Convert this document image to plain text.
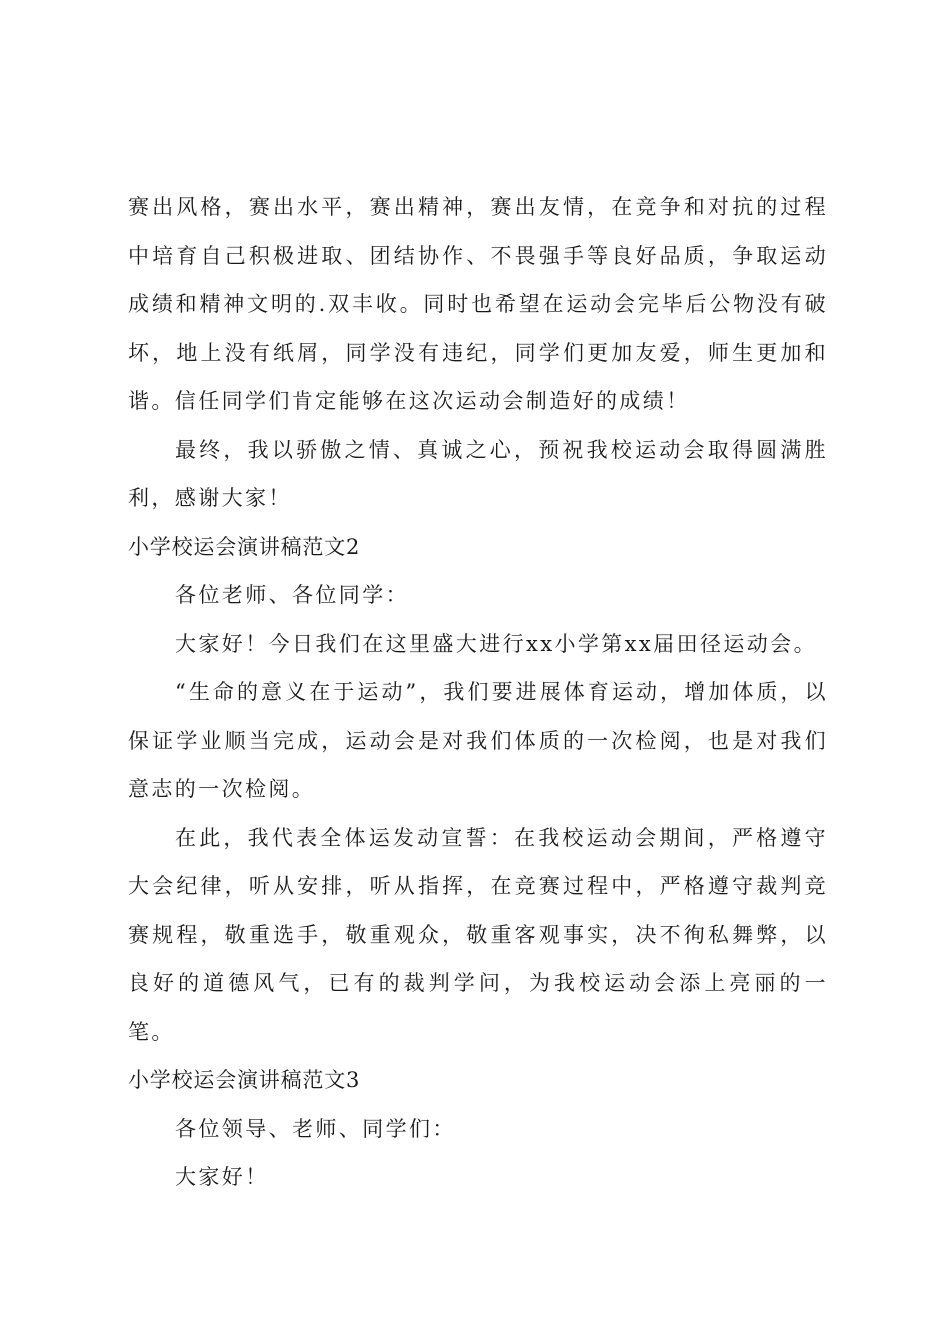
赛出风格，赛出水平，赛出精神，赛出友情，在竞争和对抗的过程中培育自己积极进取、团结协作、不畏强手等良好品质，争取运动成绩和精神文明的.双丰收。同时也希望在运动会完毕后公物没有破坏，地上没有纸屑，同学没有违纪，同学们更加友爱，师生更加和谐。信任同学们肯定能够在这次运动会制造好的成绩！

最终，我以骄傲之情、真诚之心，预祝我校运动会取得圆满胜利，感谢大家！

小学校运会演讲稿范文2

各位老师、各位同学：

大家好！今日我们在这里盛大进行xx小学第xx届田径运动会。

“生命的意义在于运动”，我们要进展体育运动，增加体质，以保证学业顺当完成，运动会是对我们体质的一次检阅，也是对我们意志的一次检阅。

在此，我代表全体运发动宣誓：在我校运动会期间，严格遵守大会纪律，听从安排，听从指挥，在竞赛过程中，严格遵守裁判竞赛规程，敬重选手，敬重观众，敬重客观事实，决不徇私舞弊，以良好的道德风气，已有的裁判学问，为我校运动会添上亮丽的一笔。

小学校运会演讲稿范文3

各位领导、老师、同学们：

大家好！
